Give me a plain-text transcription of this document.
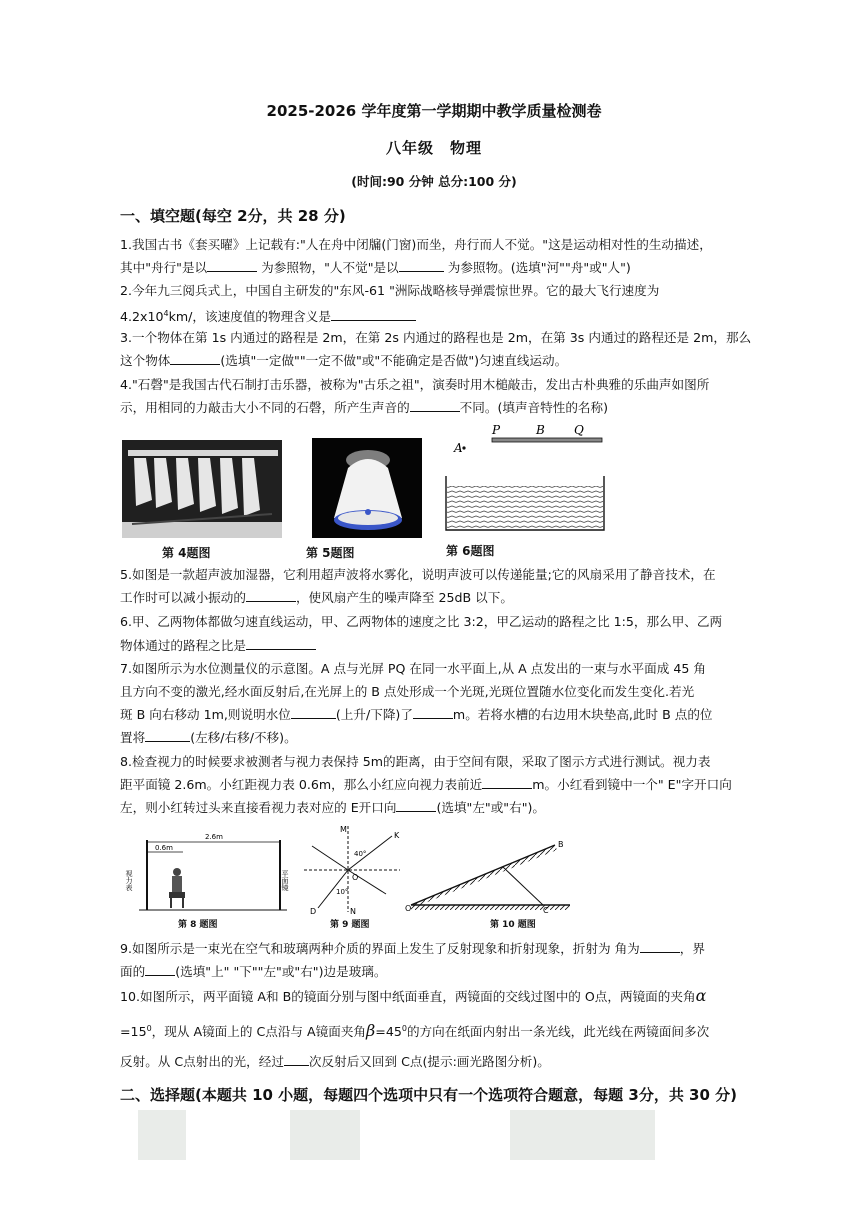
2025-2026 学年度第一学期期中教学质量检测卷
八年级　物理
(时间:90 分钟 总分:100 分)
一、填空题(每空 2分，共 28 分)
1.我国古书《套买曜》上记载有:"人在舟中闭牖(门窗)而坐，舟行而人不觉。"这是运动相对性的生动描述，
其中"舟行"是以	为参照物，"人不觉"是以	为参照物。(选填"河""舟"或"人")
2.今年九三阅兵式上，中国自主研发的"东风-61 "洲际战略核导弹震惊世界。它的最大飞行速度为
$4.2x10^4km/$，该速度值的物理含义是
3.一个物体在第 1s 内通过的路程是 2m，在第 2s 内通过的路程也是 2m，在第 3s 内通过的路程还是 2m，那么
这个物体	(选填"一定做""一定不做"或"不能确定是否做")匀速直线运动。
4."石磬"是我国古代石制打击乐器，被称为"古乐之祖"，演奏时用木槌敲击，发出古朴典雅的乐曲声如图所
示，用相同的力敲击大小不同的石磬，所产生声音的	不同。(填声音特性的名称)
第 4题图	第 5题图
A
P	B Q
第 6题图
5.如图是一款超声波加湿器，它利用超声波将水雾化，说明声波可以传递能量;它的风扇采用了静音技术，在
工作时可以减小振动的	，使风扇产生的噪声降至 25dB 以下。
6.甲、乙两物体都做匀速直线运动，甲、乙两物体的速度之比 3:2，甲乙运动的路程之比 1:5，那么甲、乙两
物体通过的路程之比是
7.如图所示为水位测量仪的示意图。A 点与光屏 PQ 在同一水平面上,从 A 点发出的一束与水平面成 45 角
且方向不变的激光,经水面反射后,在光屏上的 B 点处形成一个光斑,光斑位置随水位变化而发生变化.若光
斑 B 向右移动 1m,则说明水位	(上升/下降)了	m。若将水槽的右边用木块垫高,此时 B 点的位
置将	(左移/右移/不移)。
8.检查视力的时候要求被测者与视力表保持 5m的距离，由于空间有限，采取了图示方式进行测试。视力表
距平面镜 2.6m。小红距视力表 0.6m，那么小红应向视力表前近	m。小红看到镜中一个" E"字开口向
左，则小红转过头来直接看视力表对应的 E开口向	(选填"左"或"右")。
2.6m
0.6m
视力表	平面镜
第 8 题图
M
K
O
D	N
40°
10°
第 9 题图
O
B
C
第 10 题图
9.如图所示是一束光在空气和玻璃两种介质的界面上发生了反射现象和折射现象，折射为 角为	，界
面的 (选填"上" "下""左"或"右")边是玻璃。
10.如图所示，两平面镜 A和 B的镜面分别与图中纸面垂直，两镜面的交线过图中的 O点，两镜面的夹角α
$=15^0$，现从 A镜面上的 C点沿与 A镜面夹角$\beta=45^0$的方向在纸面内射出一条光线，此光线在两镜面间多次
反射。从 C点射出的光，经过 次反射后又回到 C点(提示:画光路图分析)。
二、选择题(本题共 10 小题，每题四个选项中只有一个选项符合题意，每题 3分，共 30 分)
